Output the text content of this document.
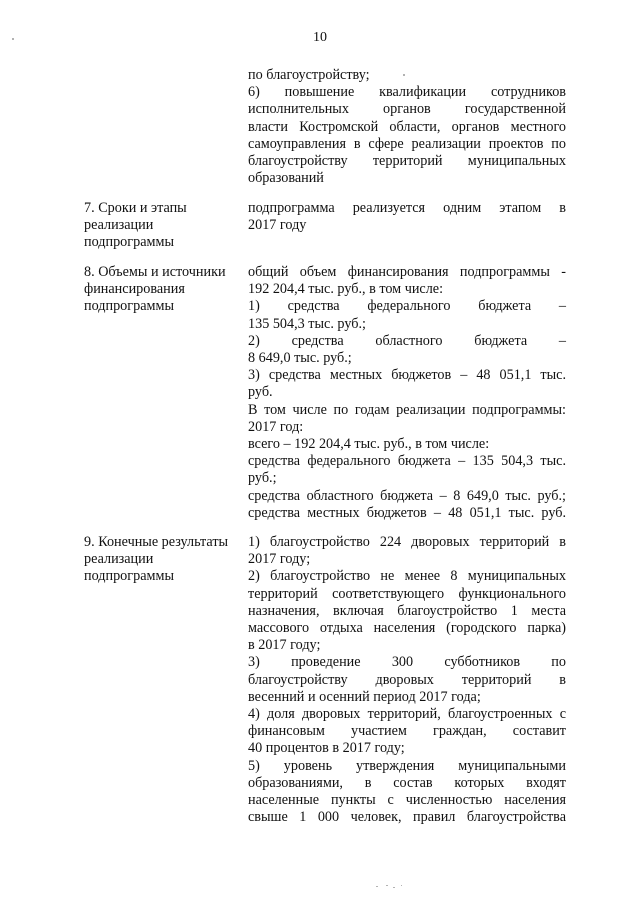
10
по благоустройству;
6) повышение квалификации сотрудников
исполнительных органов государственной
власти Костромской области, органов местного
самоуправления в сфере реализации проектов по
благоустройству территорий муниципальных
образований
7. Сроки и этапы
реализации
подпрограммы
подпрограмма реализуется одним этапом в
2017 году
8. Объемы и источники
финансирования
подпрограммы
общий объем финансирования подпрограммы -
192 204,4 тыс. руб., в том числе:
1) средства федерального бюджета –
135 504,3 тыс. руб.;
2) средства областного бюджета –
8 649,0 тыс. руб.;
3) средства местных бюджетов – 48 051,1 тыс.
руб.
В том числе по годам реализации подпрограммы:
2017 год:
всего – 192 204,4 тыс. руб., в том числе:
средства федерального бюджета – 135 504,3 тыс.
руб.;
средства областного бюджета – 8 649,0 тыс. руб.;
средства местных бюджетов – 48 051,1 тыс. руб.
9. Конечные результаты
реализации
подпрограммы
1) благоустройство 224 дворовых территорий в
2017 году;
2) благоустройство не менее 8 муниципальных
территорий соответствующего функционального
назначения, включая благоустройство 1 места
массового отдыха населения (городского парка)
в 2017 году;
3) проведение 300 субботников по
благоустройству дворовых территорий в
весенний и осенний период 2017 года;
4) доля дворовых территорий, благоустроенных с
финансовым участием граждан, составит
40 процентов в 2017 году;
5) уровень утверждения муниципальными
образованиями, в состав которых входят
населенные пункты с численностью населения
свыше 1 000 человек, правил благоустройства
